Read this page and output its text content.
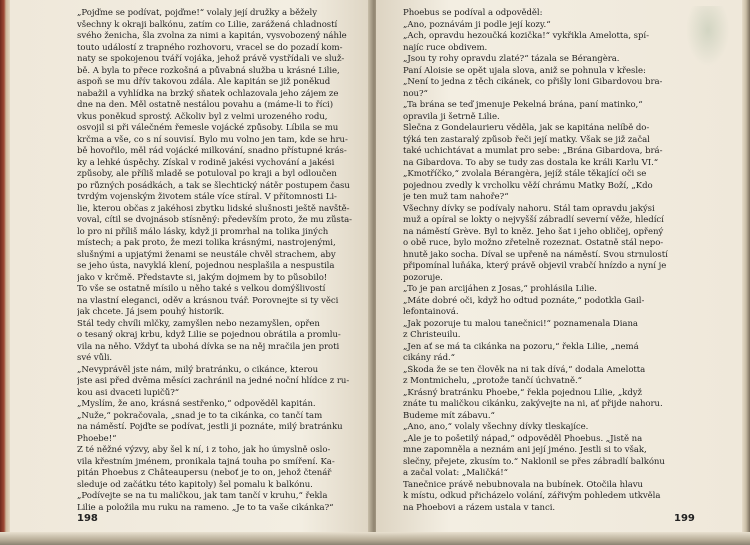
„Pojďme se podívat, pojďme!“ volaly její družky a běžely
všechny k okraji balkónu, zatím co Lilie, zarážená chladností
svého ženicha, šla zvolna za nimi a kapitán, vysvobozený náhle
touto událostí z trapného rozhovoru, vracel se do pozadí kom-
naty se spokojenou tváří vojáka, jehož právě vystřídali ve služ-
bě. A byla to přece rozkošná a půvabná služba u krásné Lilie,
aspoň se mu dřív takovou zdála. Ale kapitán se již poněkud
nabažil a vyhlídka na brzký sňatek ochlazovala jeho zájem ze
dne na den. Měl ostatně nestálou povahu a (máme-li to říci)
vkus poněkud sprostý. Ačkoliv byl z velmi urozeného rodu,
osvojil si při válečném řemesle vojácké způsoby. Líbila se mu
krčma a vše, co s ní souvisí. Bylo mu volno jen tam, kde se hru-
bě hovořilo, měl rád vojácké milkování, snadno přístupné krás-
ky a lehké úspěchy. Získal v rodině jakési vychování a jakési
způsoby, ale příliš mladě se potuloval po kraji a byl odloučen
po různých posádkách, a tak se šlechtický nátěr postupem času
tvrdým vojenským životem stále více stíral. V přítomnosti Li-
lie, kterou občas z jakéhosi zbytku lidské slušnosti ještě navště-
voval, cítil se dvojnásob stísněný: především proto, že mu zůsta-
lo pro ni příliš málo lásky, když ji promrhal na tolika jiných
místech; a pak proto, že mezi tolika krásnými, nastrojenými,
slušnými a upjatými ženami se neustále chvěl strachem, aby
se jeho ústa, navyklá klení, pojednou nesplašila a nespustila
jako v krčmě. Představte si, jakým dojmem by to působilo!
To vše se ostatně mísilo u něho také s velkou domýšlivostí
na vlastní eleganci, oděv a krásnou tvář. Porovnejte si ty věci
jak chcete. Já jsem pouhý historik.
Stál tedy chvíli mlčky, zamyšlen nebo nezamyšlen, opřen
o tesaný okraj krbu, když Lilie se pojednou obrátila a promlu-
vila na něho. Vždyť ta ubohá dívka se na něj mračila jen proti
své vůli.
„Nevyprávěl jste nám, milý bratránku, o cikánce, kterou
jste asi před dvěma měsíci zachránil na jedné noční hlídce z ru-
kou asi dvaceti lupičů?“
„Myslím, že ano, krásná sestřenko,“ odpověděl kapitán.
„Nuže,“ pokračovala, „snad je to ta cikánka, co tančí tam
na náměstí. Pojďte se podívat, jestli ji poznáte, milý bratránku
Phoebe!“
Z té něžné výzvy, aby šel k ní, i z toho, jak ho úmyslně oslo-
vila křestním jménem, pronikala tajná touha po smíření. Ka-
pitán Phoebus z Châteaupersu (neboť je to on, jehož čtenář
sleduje od začátku této kapitoly) šel pomalu k balkónu.
„Podívejte se na tu maličkou, jak tam tančí v kruhu,“ řekla
Lilie a položila mu ruku na rameno. „Je to ta vaše cikánka?“
198
Phoebus se podíval a odpověděl:
„Ano, poznávám ji podle její kozy.“
„Ach, opravdu hezoučká kozička!“ vykřikla Amelotta, spí-
najíc ruce obdivem.
„Jsou ty rohy opravdu zlaté?“ tázala se Bérangèra.
Paní Aloisie se opět ujala slova, aniž se pohnula v křesle:
„Není to jedna z těch cikánek, co přišly loni Gibardovou bra-
nou?“
„Ta brána se teď jmenuje Pekelná brána, paní matinko,“
opravila ji šetrně Lilie.
Slečna z Gondelaurieru věděla, jak se kapitána nelíbě do-
týká ten zastaralý způsob řeči její matky. Však se již začal
také uchichtávat a mumlat pro sebe: „Brána Gibardova, brá-
na Gibardova. To aby se tudy zas dostala ke králi Karlu VI.“
„Kmotříčko,“ zvolala Bérangèra, jejíž stále těkající oči se
pojednou zvedly k vrcholku věží chrámu Matky Boží, „Kdo
je ten muž tam nahoře?“
Všechny dívky se podívaly nahoru. Stál tam opravdu jakýsi
muž a opíral se lokty o nejvyšší zábradlí severní věže, hledící
na náměstí Grève. Byl to kněz. Jeho šat i jeho obličej, opřený
o obě ruce, bylo možno zřetelně rozeznat. Ostatně stál nepo-
hnutě jako socha. Díval se upřeně na náměstí. Svou strnulostí
připomínal luňáka, který právě objevil vrabčí hnízdo a nyní je
pozoruje.
„To je pan arcijáhen z Josas,“ prohlásila Lilie.
„Máte dobré oči, když ho odtud poznáte,“ podotkla Gail-
lefontainová.
„Jak pozoruje tu malou tanečnici!“ poznamenala Diana
z Christeuilu.
„Jen ať se má ta cikánka na pozoru,“ řekla Lilie, „nemá
cikány rád.“
„Škoda že se ten člověk na ni tak dívá,“ dodala Amelotta
z Montmichelu, „protože tančí úchvatně.“
„Krásný bratránku Phoebe,“ řekla pojednou Lilie, „když
znáte tu maličkou cikánku, zakývejte na ni, ať přijde nahoru.
Budeme mít zábavu.“
„Ano, ano,“ volaly všechny dívky tleskajíce.
„Ale je to pošetilý nápad,“ odpověděl Phoebus. „Jistě na
mne zapomněla a neznám ani její jméno. Jestli si to však,
slečny, přejete, zkusím to.“ Naklonil se přes zábradlí balkónu
a začal volat: „Maličká!“
Tanečnice právě nebubnovala na bubínek. Otočila hlavu
k místu, odkud přicházelo volání, zářivým pohledem utkvěla
na Phoebovi a rázem ustala v tanci.
199
